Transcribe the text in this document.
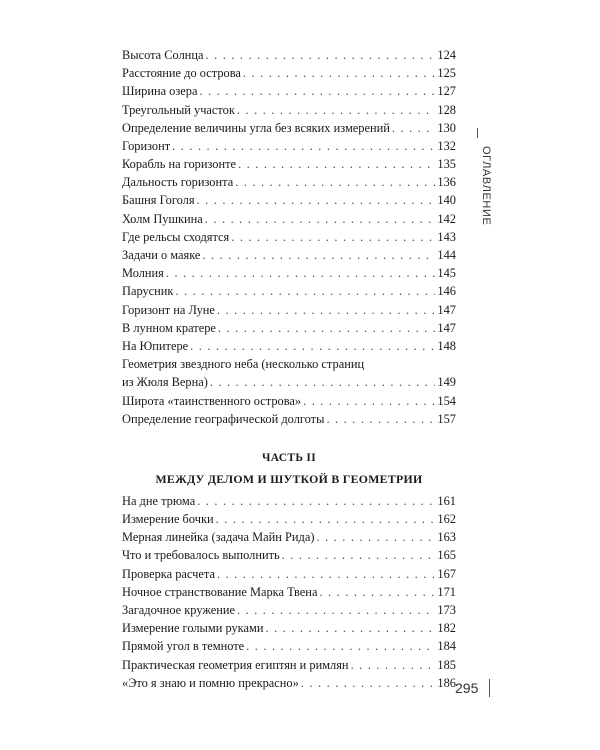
Высота Солнца . . .	124
Расстояние до острова . . .	125
Ширина озера . . .	127
Треугольный участок . . .	128
Определение величины угла без всяких измерений . . .	130
Горизонт . . .	132
Корабль на горизонте . . .	135
Дальность горизонта . . .	136
Башня Гоголя . . .	140
Холм Пушкина . . .	142
Где рельсы сходятся . . .	143
Задачи о маяке . . .	144
Молния . . .	145
Парусник . . .	146
Горизонт на Луне . . .	147
В лунном кратере . . .	147
На Юпитере . . .	148
Геометрия звездного неба (несколько страниц
из Жюля Верна) . . .	149
Широта «таинственного острова» . . .	154
Определение географической долготы . . .	157
ЧАСТЬ II
МЕЖДУ ДЕЛОМ И ШУТКОЙ В ГЕОМЕТРИИ
На дне трюма . . .	161
Измерение бочки . . .	162
Мерная линейка (задача Майн Рида) . . .	163
Что и требовалось выполнить . . .	165
Проверка расчета . . .	167
Ночное странствование Марка Твена . . .	171
Загадочное кружение . . .	173
Измерение голыми руками . . .	182
Прямой угол в темноте . . .	184
Практическая геометрия египтян и римлян . . .	185
«Это я знаю и помню прекрасно» . . .	186
ОГЛАВЛЕНИЕ
295
